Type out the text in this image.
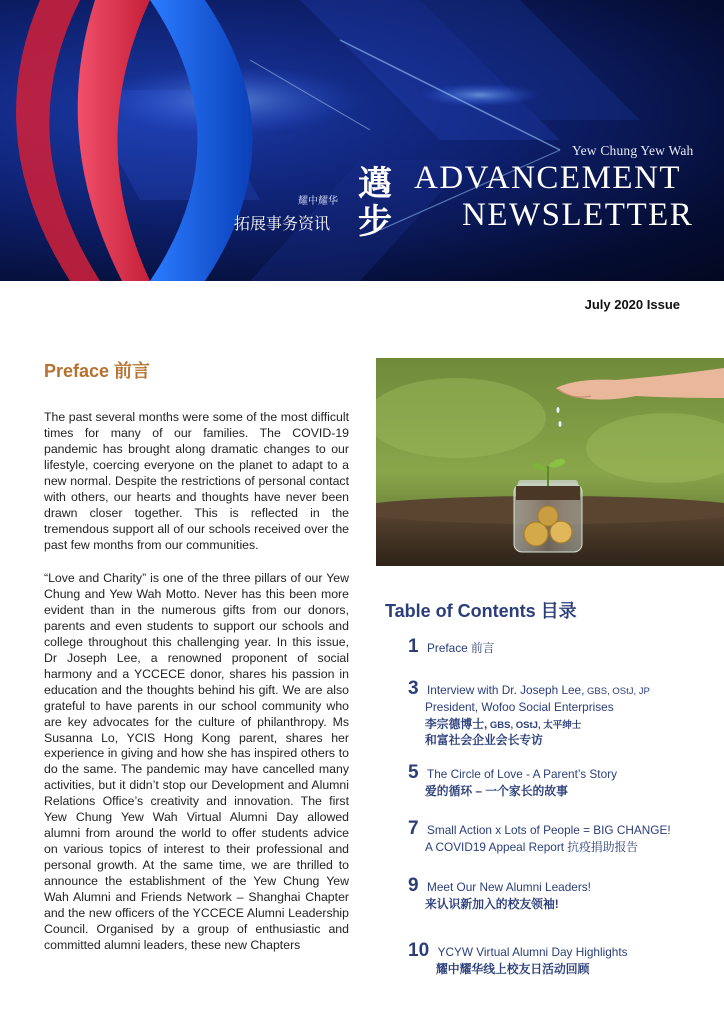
Yew Chung Yew Wah
ADVANCEMENT
NEWSLETTER
邁
步
耀中耀华
拓展事务资讯
July 2020 Issue
Preface 前言

The past several months were some of the most difficult times for many of our families. The COVID-19 pandemic has brought along dramatic changes to our lifestyle, coercing everyone on the planet to adapt to a new normal. Despite the restrictions of personal contact with others, our hearts and thoughts have never been drawn closer together. This is reflected in the tremendous support all of our schools received over the past few months from our communities.

“Love and Charity” is one of the three pillars of our Yew Chung and Yew Wah Motto. Never has this been more evident than in the numerous gifts from our donors, parents and even students to support our schools and college throughout this challenging year. In this issue, Dr Joseph Lee, a renowned proponent of social harmony and a YCCECE donor, shares his passion in education and the thoughts behind his gift. We are also grateful to have parents in our school community who are key advocates for the culture of philanthropy. Ms Susanna Lo, YCIS Hong Kong parent, shares her experience in giving and how she has inspired others to do the same. The pandemic may have cancelled many activities, but it didn’t stop our Development and Alumni Relations Office’s creativity and innovation. The first Yew Chung Yew Wah Virtual Alumni Day allowed alumni from around the world to offer students advice on various topics of interest to their professional and personal growth. At the same time, we are thrilled to announce the establishment of the Yew Chung Yew Wah Alumni and Friends Network – Shanghai Chapter and the new officers of the YCCECE Alumni Leadership Council. Organised by a group of enthusiastic and committed alumni leaders, these new Chapters

Table of Contents 目录
1 Preface 前言
3 Interview with Dr. Joseph Lee, GBS, OStJ, JP
President, Wofoo Social Enterprises
李宗德博士, GBS, OStJ, 太平绅士
和富社会企业会长专访
5 The Circle of Love - A Parent’s Story
爱的循环 – 一个家长的故事
7 Small Action x Lots of People = BIG CHANGE!
A COVID19 Appeal Report 抗疫捐助报告
9 Meet Our New Alumni Leaders!
来认识新加入的校友领袖!
10 YCYW Virtual Alumni Day Highlights
耀中耀华线上校友日活动回顾
